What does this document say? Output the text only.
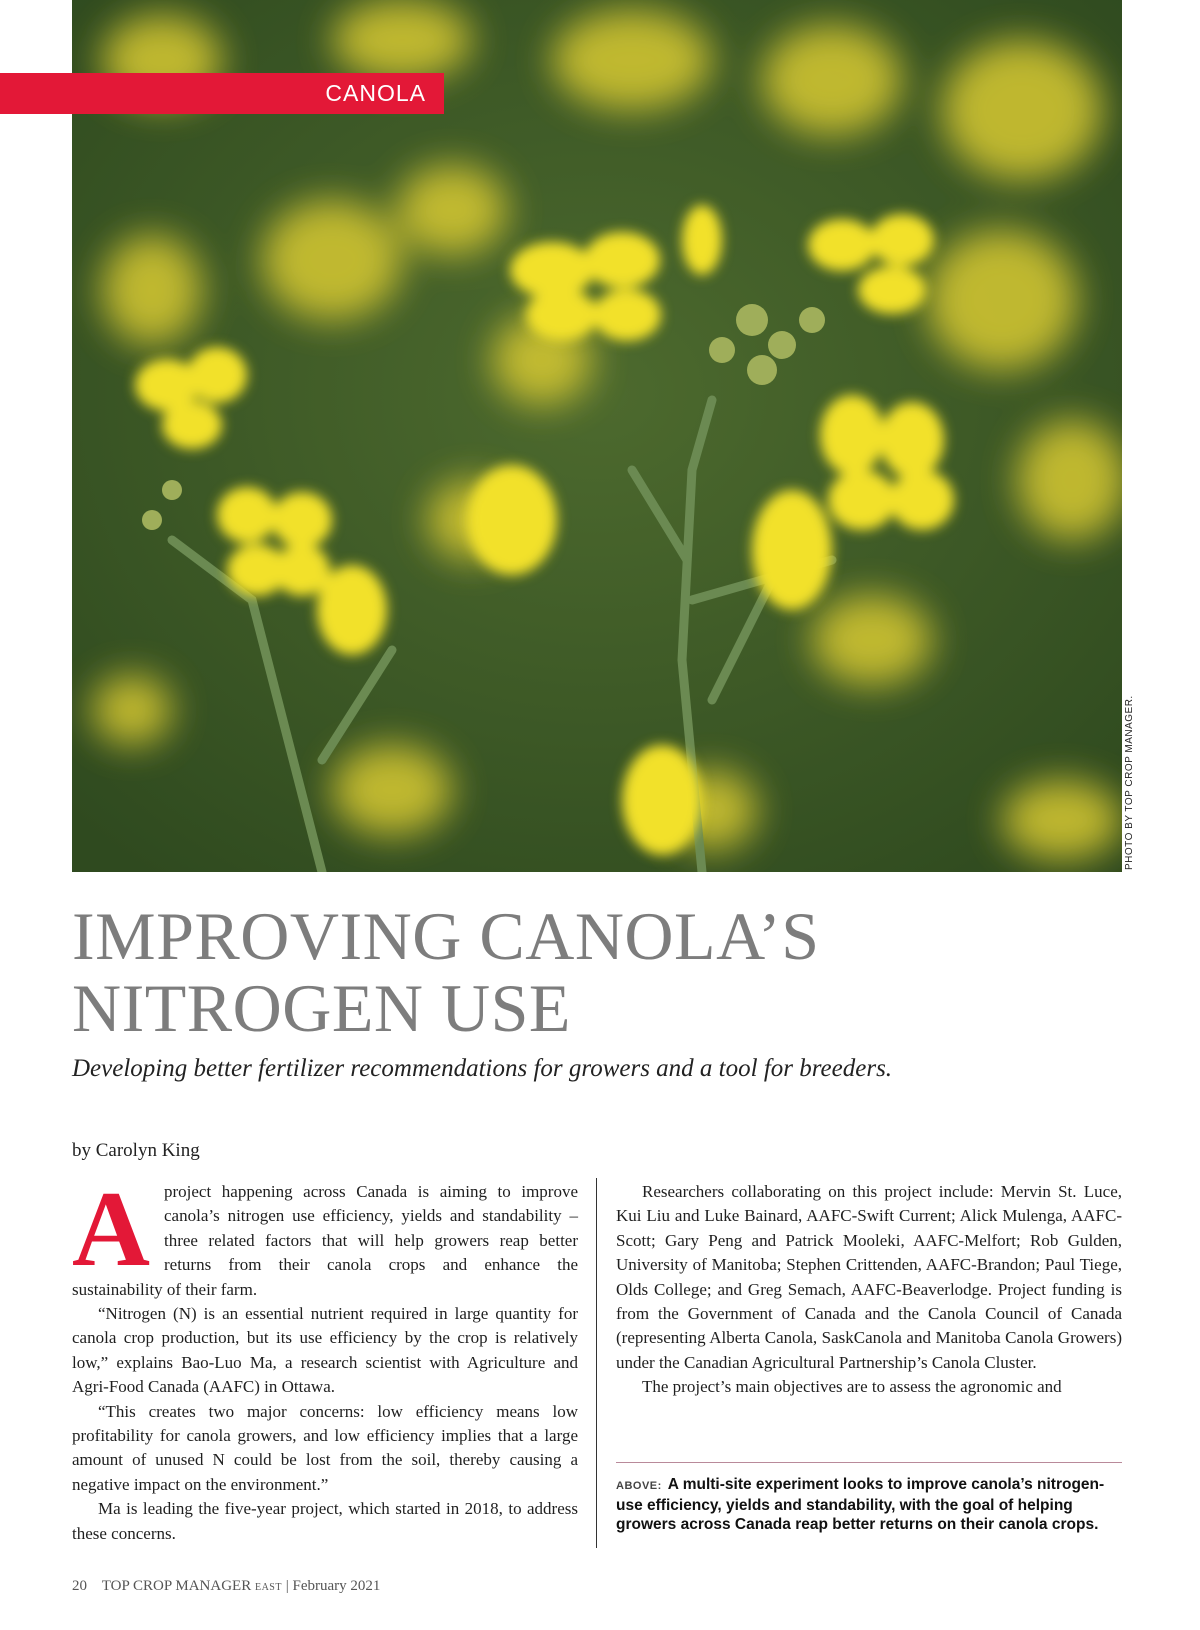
CANOLA
PHOTO BY TOP CROP MANAGER.
IMPROVING CANOLA’S
NITROGEN USE

Developing better fertilizer recommendations for growers and a tool for breeders.

by Carolyn King

Aproject happening across Canada is aiming to improve canola’s nitrogen use efficiency, yields and standability – three related factors that will help growers reap better returns from their canola crops and enhance the sustainability of their farm.

“Nitrogen (N) is an essential nutrient required in large quantity for canola crop production, but its use efficiency by the crop is relatively low,” explains Bao-Luo Ma, a research scientist with Agriculture and Agri-Food Canada (AAFC) in Ottawa.

“This creates two major concerns: low efficiency means low profitability for canola growers, and low efficiency implies that a large amount of unused N could be lost from the soil, thereby causing a negative impact on the environment.”

Ma is leading the five-year project, which started in 2018, to address these concerns.

Researchers collaborating on this project include: Mervin St. Luce, Kui Liu and Luke Bainard, AAFC-Swift Current; Alick Mulenga, AAFC-Scott; Gary Peng and Patrick Mooleki, AAFC-Melfort; Rob Gulden, University of Manitoba; Stephen Crittenden, AAFC-Brandon; Paul Tiege, Olds College; and Greg Semach, AAFC-Beaverlodge. Project funding is from the Government of Canada and the Canola Council of Canada (representing Alberta Canola, SaskCanola and Manitoba Canola Growers) under the Canadian Agricultural Partnership’s Canola Cluster.

The project’s main objectives are to assess the agronomic and

ABOVE: A multi-site experiment looks to improve canola’s nitrogen-use efficiency, yields and standability, with the goal of helping growers across Canada reap better returns on their canola crops.
20 TOP CROP MANAGER EAST | February 2021
